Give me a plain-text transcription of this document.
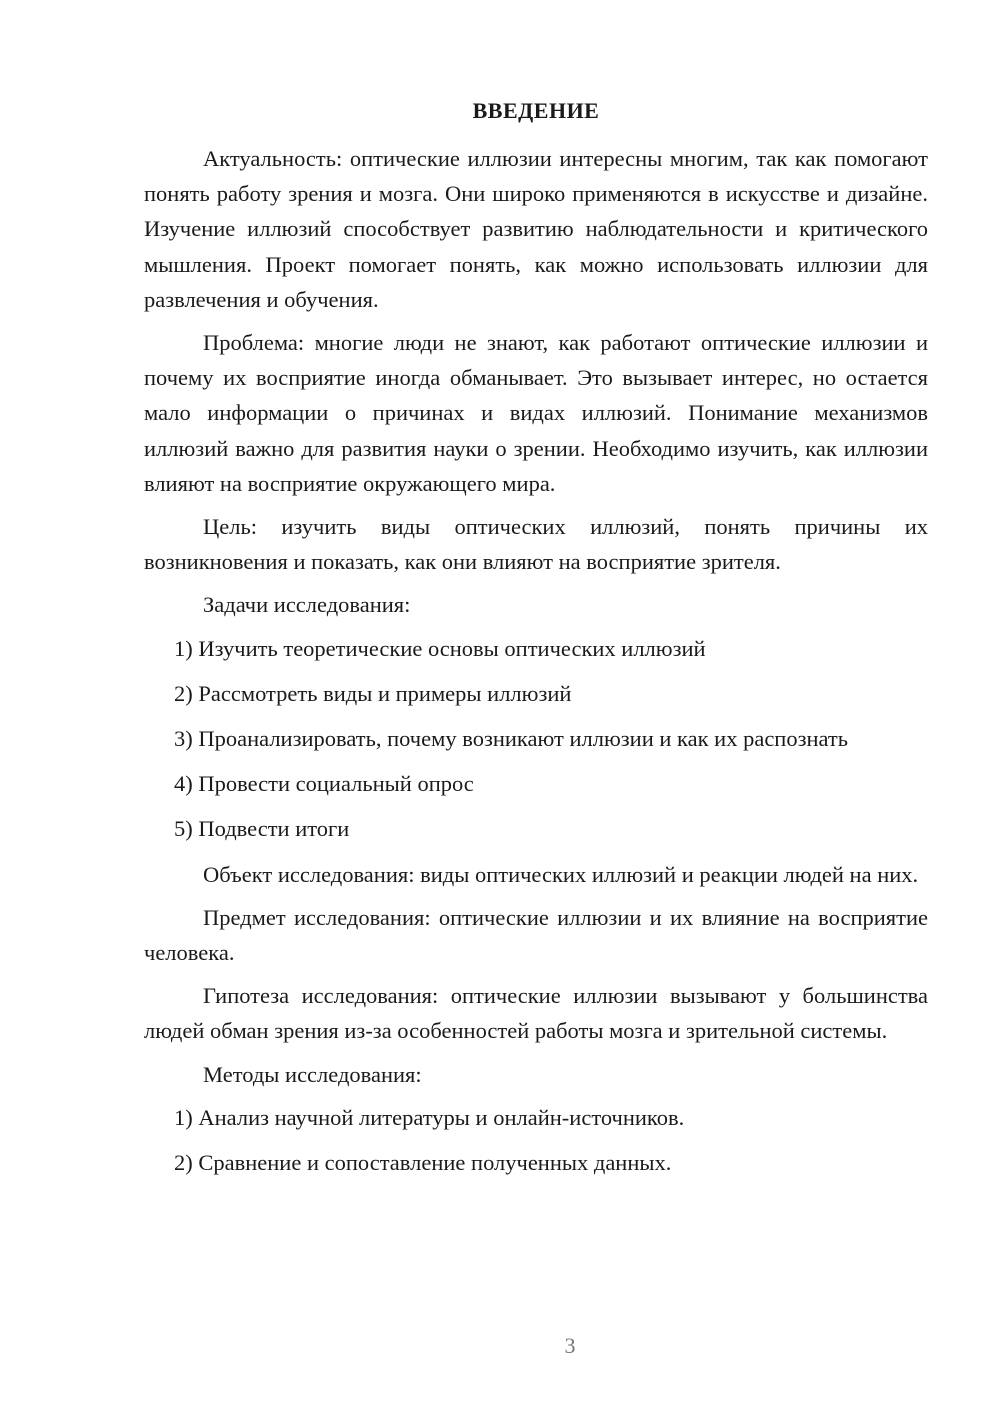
ВВЕДЕНИЕ

Актуальность: оптические иллюзии интересны многим, так как помогают понять работу зрения и мозга. Они широко применяются в искусстве и дизайне. Изучение иллюзий способствует развитию наблюдательности и критического мышления. Проект помогает понять, как можно использовать иллюзии для развлечения и обучения.

Проблема: многие люди не знают, как работают оптические иллюзии и почему их восприятие иногда обманывает. Это вызывает интерес, но остается мало информации о причинах и видах иллюзий. Понимание механизмов иллюзий важно для развития науки о зрении. Необходимо изучить, как иллюзии влияют на восприятие окружающего мира.

Цель: изучить виды оптических иллюзий, понять причины их возникновения и показать, как они влияют на восприятие зрителя.

Задачи исследования:

1) Изучить теоретические основы оптических иллюзий
2) Рассмотреть виды и примеры иллюзий
3) Проанализировать, почему возникают иллюзии и как их распознать
4) Провести социальный опрос
5) Подвести итоги

Объект исследования: виды оптических иллюзий и реакции людей на них.

Предмет исследования: оптические иллюзии и их влияние на восприятие человека.

Гипотеза исследования: оптические иллюзии вызывают у большинства людей обман зрения из-за особенностей работы мозга и зрительной системы.

Методы исследования:

1) Анализ научной литературы и онлайн-источников.
2) Сравнение и сопоставление полученных данных.
3
